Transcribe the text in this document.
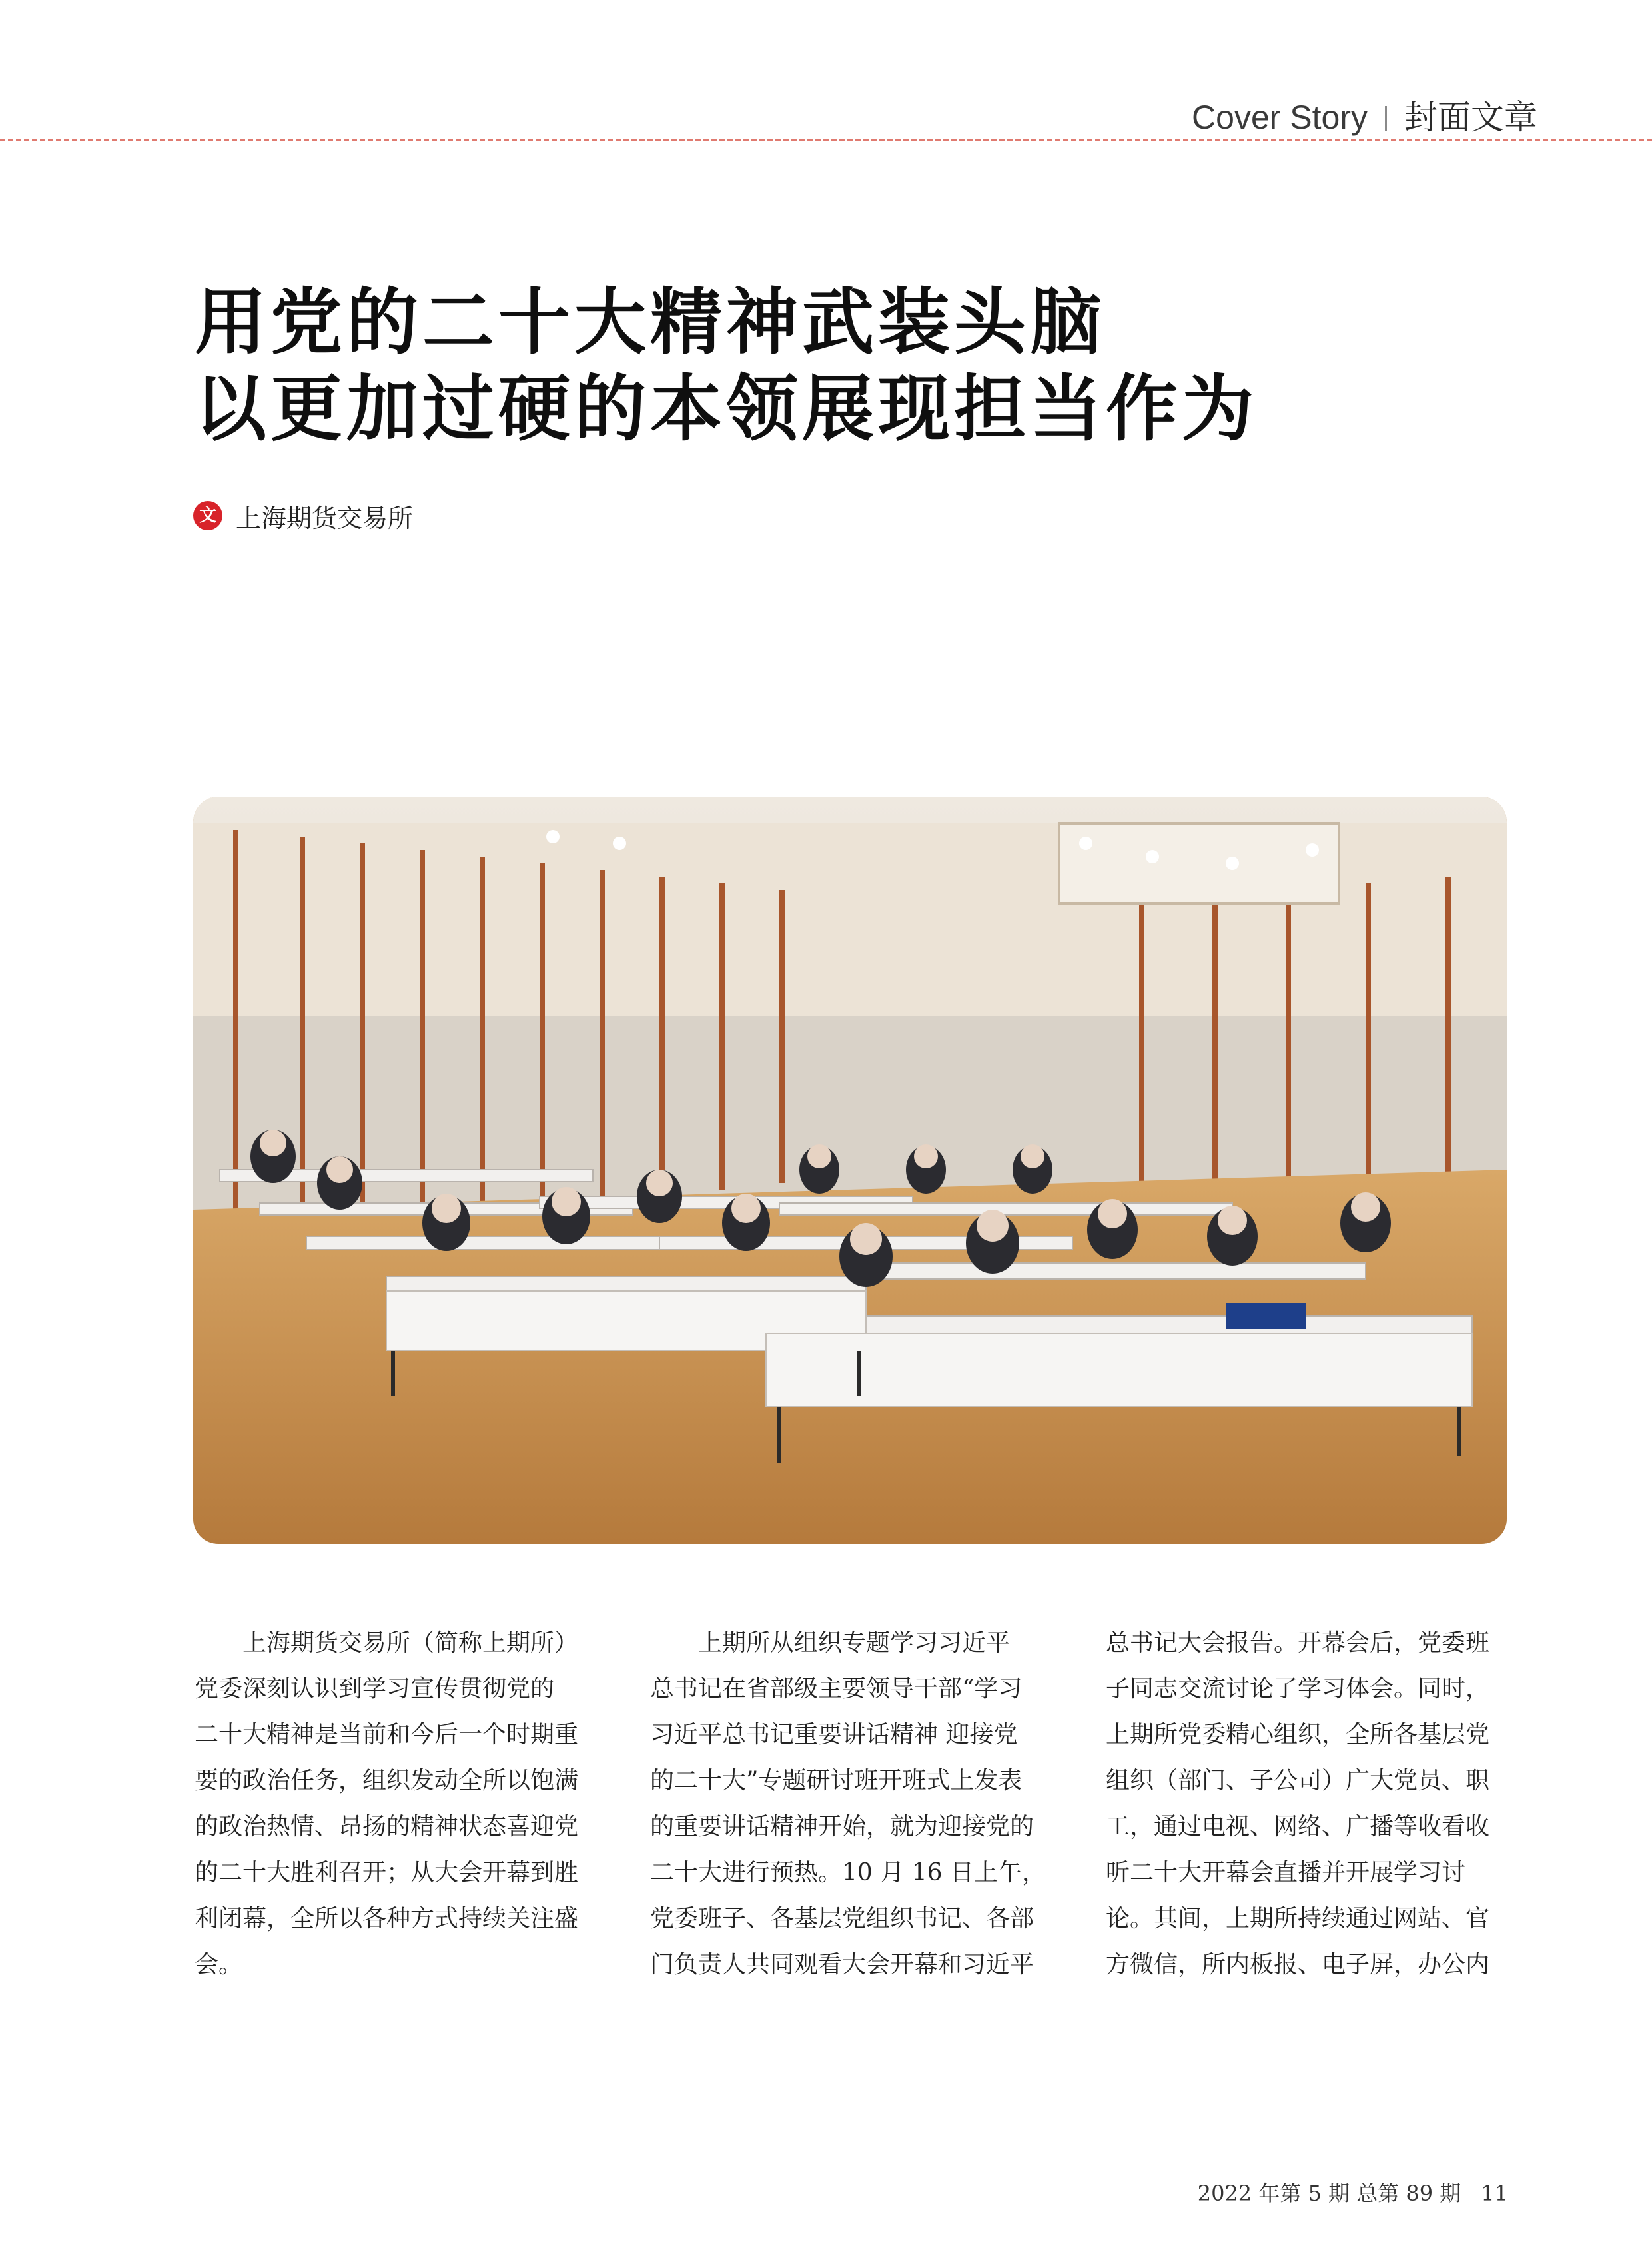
Cover Story 封面文章
用党的二十大精神武装头脑
以更加过硬的本领展现担当作为
文 上海期货交易所
上海期货交易所（简称上期所）
党委深刻认识到学习宣传贯彻党的
二十大精神是当前和今后一个时期重
要的政治任务，组织发动全所以饱满
的政治热情、昂扬的精神状态喜迎党
的二十大胜利召开；从大会开幕到胜
利闭幕，全所以各种方式持续关注盛
会。
上期所从组织专题学习习近平
总书记在省部级主要领导干部“学习
习近平总书记重要讲话精神 迎接党
的二十大”专题研讨班开班式上发表
的重要讲话精神开始，就为迎接党的
二十大进行预热。10 月 16 日上午，
党委班子、各基层党组织书记、各部
门负责人共同观看大会开幕和习近平
总书记大会报告。开幕会后，党委班
子同志交流讨论了学习体会。同时，
上期所党委精心组织，全所各基层党
组织（部门、子公司）广大党员、职
工，通过电视、网络、广播等收看收
听二十大开幕会直播并开展学习讨
论。其间，上期所持续通过网站、官
方微信，所内板报、电子屏，办公内
2022 年第 5 期 总第 89 期 11
